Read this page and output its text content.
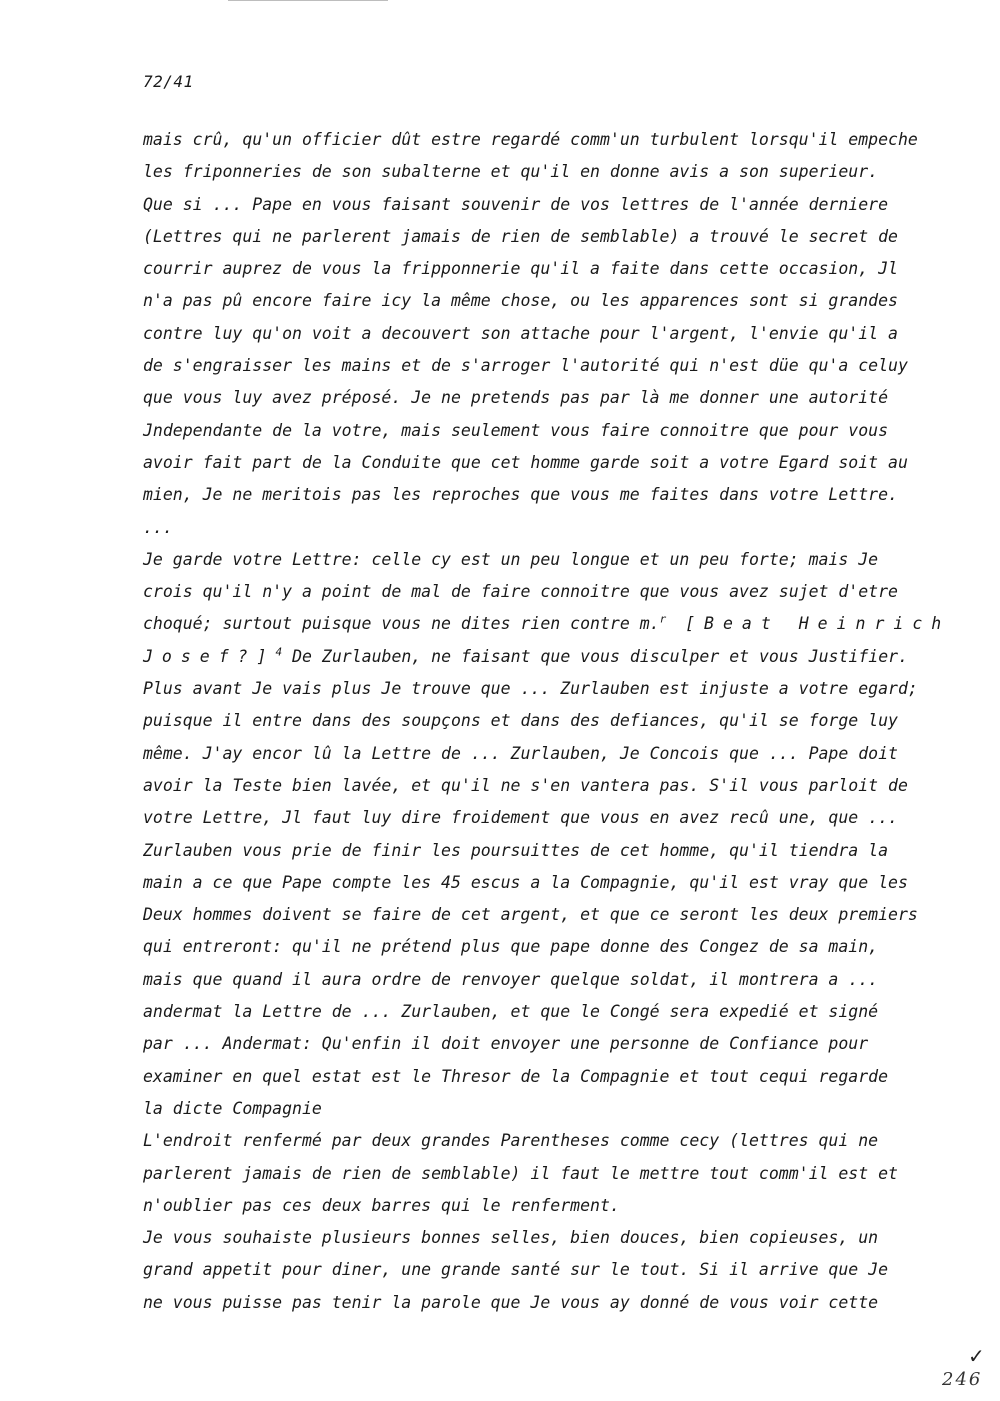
72/41
mais crû, qu'un officier dût estre regardé comm'un turbulent lorsqu'il empeche
les friponneries de son subalterne et qu'il en donne avis a son superieur.
Que si ... Pape en vous faisant souvenir de vos lettres de l'année derniere
(Lettres qui ne parlerent jamais de rien de semblable) a trouvé le secret de
courrir auprez de vous la fripponnerie qu'il a faite dans cette occasion, Jl
n'a pas pû encore faire icy la même chose, ou les apparences sont si grandes
contre luy qu'on voit a decouvert son attache pour l'argent, l'envie qu'il a
de s'engraisser les mains et de s'arroger l'autorité qui n'est düe qu'a celuy
que vous luy avez préposé. Je ne pretends pas par là me donner une autorité
Jndependante de la votre, mais seulement vous faire connoitre que pour vous
avoir fait part de la Conduite que cet homme garde soit a votre Egard soit au
mien, Je ne meritois pas les reproches que vous me faites dans votre Lettre.
...
Je garde votre Lettre: celle cy est un peu longue et un peu forte; mais Je
crois qu'il n'y a point de mal de faire connoitre que vous avez sujet d'etre
choqué; surtout puisque vous ne dites rien contre m.$^r$ [Beat Heinrich
Josef?]$^4$ De Zurlauben, ne faisant que vous disculper et vous Justifier.
Plus avant Je vais plus Je trouve que ... Zurlauben est injuste a votre egard;
puisque il entre dans des soupçons et dans des defiances, qu'il se forge luy
même. J'ay encor lû la Lettre de ... Zurlauben, Je Concois que ... Pape doit
avoir la Teste bien lavée, et qu'il ne s'en vantera pas. S'il vous parloit de
votre Lettre, Jl faut luy dire froidement que vous en avez recû une, que ...
Zurlauben vous prie de finir les poursuittes de cet homme, qu'il tiendra la
main a ce que Pape compte les 45 escus a la Compagnie, qu'il est vray que les
Deux hommes doivent se faire de cet argent, et que ce seront les deux premiers
qui entreront: qu'il ne prétend plus que pape donne des Congez de sa main,
mais que quand il aura ordre de renvoyer quelque soldat, il montrera a ...
andermat la Lettre de ... Zurlauben, et que le Congé sera expedié et signé
par ... Andermat: Qu'enfin il doit envoyer une personne de Confiance pour
examiner en quel estat est le Thresor de la Compagnie et tout cequi regarde
la dicte Compagnie
L'endroit renfermé par deux grandes Parentheses comme cecy (lettres qui ne
parlerent jamais de rien de semblable) il faut le mettre tout comm'il est et
n'oublier pas ces deux barres qui le renferment.
Je vous souhaiste plusieurs bonnes selles, bien douces, bien copieuses, un
grand appetit pour diner, une grande santé sur le tout. Si il arrive que Je
ne vous puisse pas tenir la parole que Je vous ay donné de vous voir cette
✓
246
